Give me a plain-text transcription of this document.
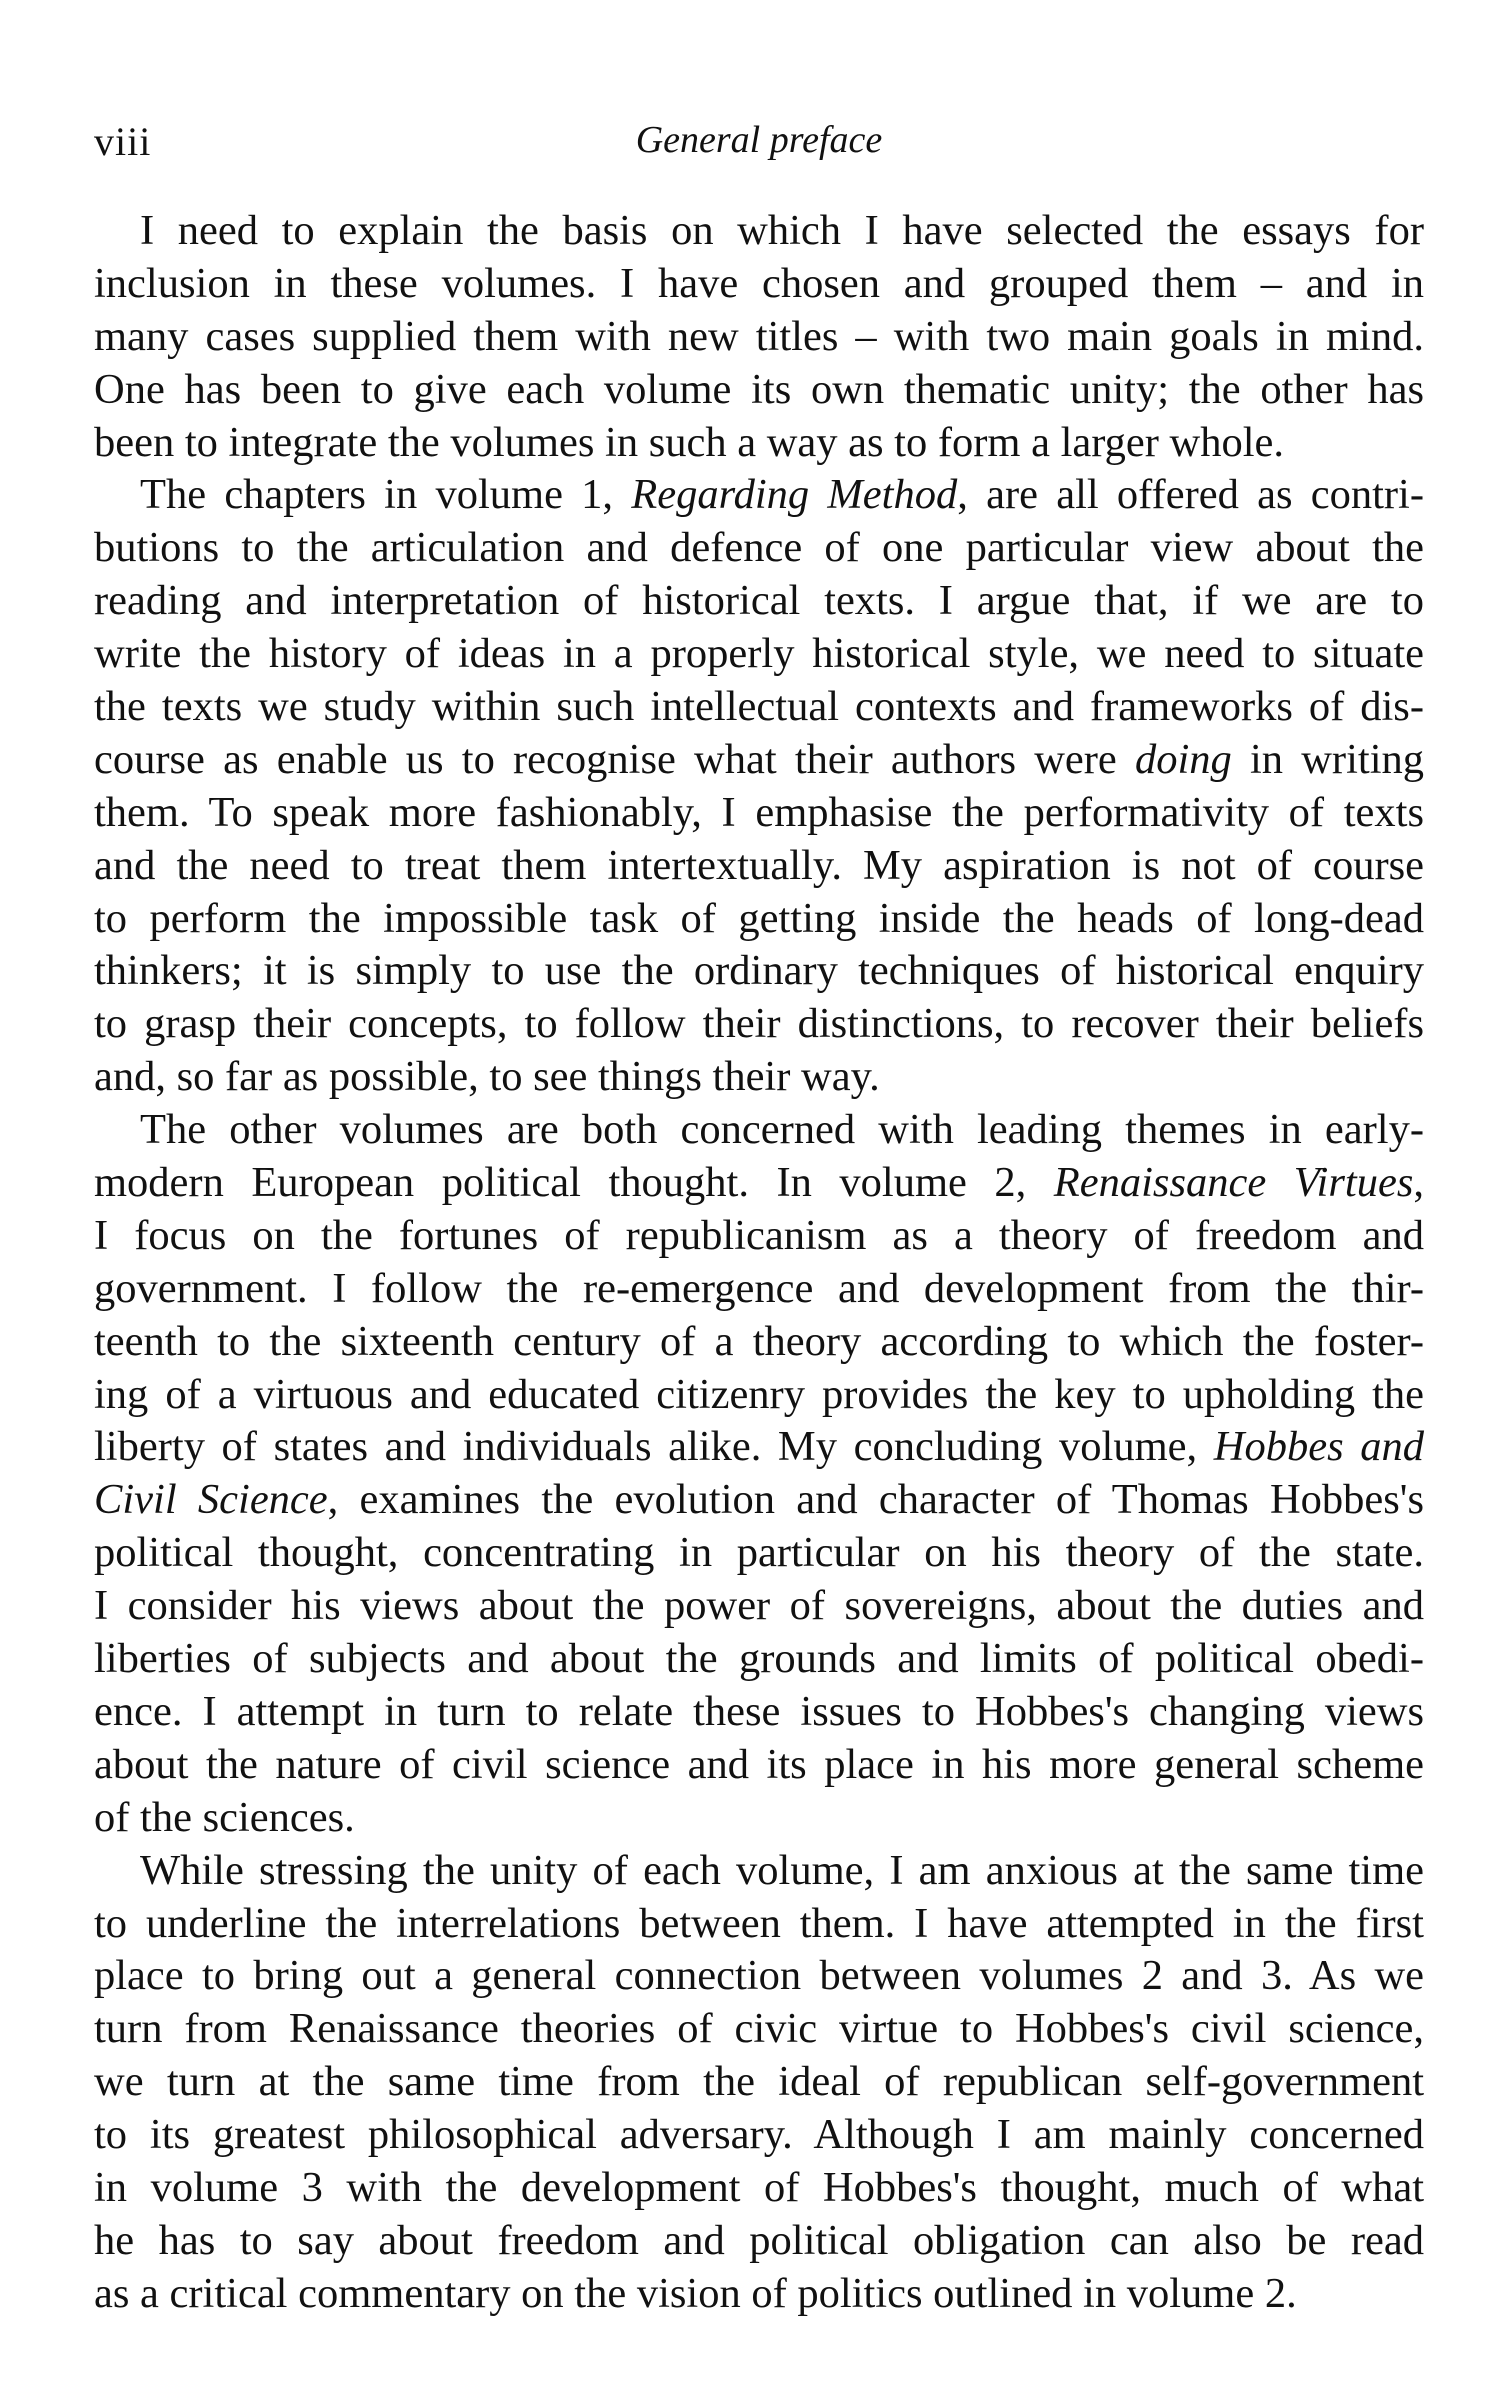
viii	General preface
I need to explain the basis on which I have selected the essays for
inclusion in these volumes. I have chosen and grouped them – and in
many cases supplied them with new titles – with two main goals in mind.
One has been to give each volume its own thematic unity; the other has
been to integrate the volumes in such a way as to form a larger whole.
The chapters in volume 1, Regarding Method, are all offered as contri-
butions to the articulation and defence of one particular view about the
reading and interpretation of historical texts. I argue that, if we are to
write the history of ideas in a properly historical style, we need to situate
the texts we study within such intellectual contexts and frameworks of dis-
course as enable us to recognise what their authors were doing in writing
them. To speak more fashionably, I emphasise the performativity of texts
and the need to treat them intertextually. My aspiration is not of course
to perform the impossible task of getting inside the heads of long-dead
thinkers; it is simply to use the ordinary techniques of historical enquiry
to grasp their concepts, to follow their distinctions, to recover their beliefs
and, so far as possible, to see things their way.
The other volumes are both concerned with leading themes in early-
modern European political thought. In volume 2, Renaissance Virtues,
I focus on the fortunes of republicanism as a theory of freedom and
government. I follow the re-emergence and development from the thir-
teenth to the sixteenth century of a theory according to which the foster-
ing of a virtuous and educated citizenry provides the key to upholding the
liberty of states and individuals alike. My concluding volume, Hobbes and
Civil Science, examines the evolution and character of Thomas Hobbes's
political thought, concentrating in particular on his theory of the state.
I consider his views about the power of sovereigns, about the duties and
liberties of subjects and about the grounds and limits of political obedi-
ence. I attempt in turn to relate these issues to Hobbes's changing views
about the nature of civil science and its place in his more general scheme
of the sciences.
While stressing the unity of each volume, I am anxious at the same time
to underline the interrelations between them. I have attempted in the first
place to bring out a general connection between volumes 2 and 3. As we
turn from Renaissance theories of civic virtue to Hobbes's civil science,
we turn at the same time from the ideal of republican self-government
to its greatest philosophical adversary. Although I am mainly concerned
in volume 3 with the development of Hobbes's thought, much of what
he has to say about freedom and political obligation can also be read
as a critical commentary on the vision of politics outlined in volume 2.
